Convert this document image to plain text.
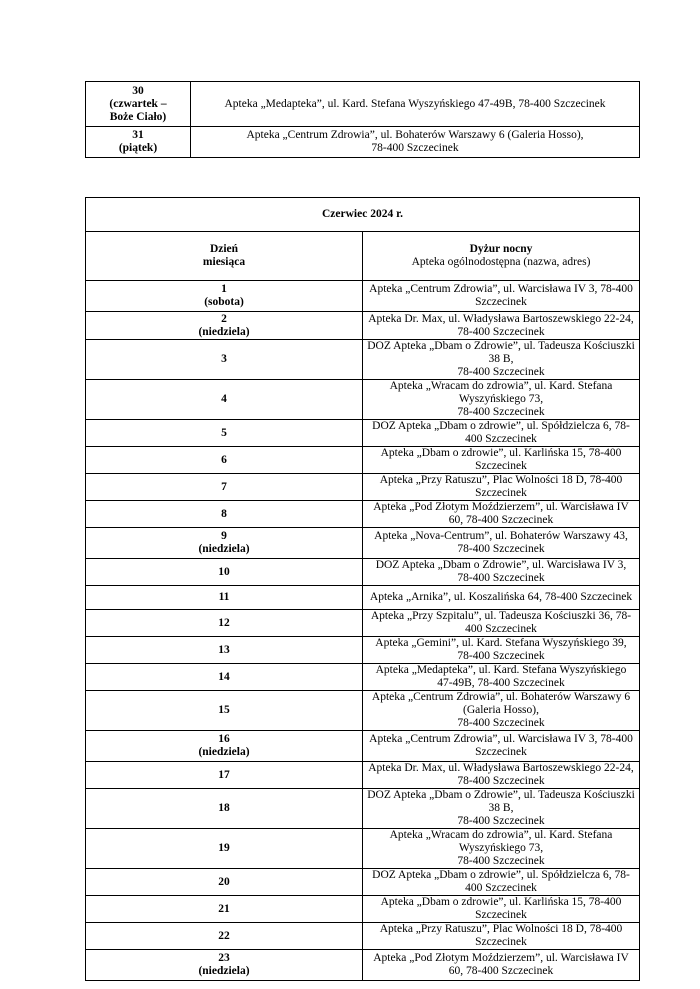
30
(czwartek –
Boże Ciało)	Apteka „Medapteka”, ul. Kard. Stefana Wyszyńskiego 47-49B, 78-400 Szczecinek
31
(piątek)	Apteka „Centrum Zdrowia”, ul. Bohaterów Warszawy 6 (Galeria Hosso),
78-400 Szczecinek
Czerwiec 2024 r.	
Dzień
miesiąca	Dyżur nocny
Apteka ogólnodostępna (nazwa, adres)
1
(sobota)	Apteka „Centrum Zdrowia”, ul. Warcisława IV 3, 78-400 Szczecinek
2
(niedziela)	Apteka Dr. Max, ul. Władysława Bartoszewskiego 22-24, 78-400 Szczecinek
3	DOZ Apteka „Dbam o Zdrowie”, ul. Tadeusza Kościuszki 38 B,
78-400 Szczecinek
4	Apteka „Wracam do zdrowia”, ul. Kard. Stefana Wyszyńskiego 73,
78-400 Szczecinek
5	DOZ Apteka „Dbam o zdrowie”, ul. Spółdzielcza 6, 78-400 Szczecinek
6	Apteka „Dbam o zdrowie”, ul. Karlińska 15, 78-400 Szczecinek
7	Apteka „Przy Ratuszu”, Plac Wolności 18 D, 78-400 Szczecinek
8	Apteka „Pod Złotym Moździerzem”, ul. Warcisława IV 60, 78-400 Szczecinek
9
(niedziela)	Apteka „Nova-Centrum”, ul. Bohaterów Warszawy 43, 78-400 Szczecinek
10	DOZ Apteka „Dbam o Zdrowie”, ul. Warcisława IV 3, 78-400 Szczecinek
11	Apteka „Arnika”, ul. Koszalińska 64, 78-400 Szczecinek
12	Apteka „Przy Szpitalu”, ul. Tadeusza Kościuszki 36, 78-400 Szczecinek
13	Apteka „Gemini”, ul. Kard. Stefana Wyszyńskiego 39, 78-400 Szczecinek
14	Apteka „Medapteka”, ul. Kard. Stefana Wyszyńskiego 47-49B, 78-400 Szczecinek
15	Apteka „Centrum Zdrowia”, ul. Bohaterów Warszawy 6 (Galeria Hosso),
78-400 Szczecinek
16
(niedziela)	Apteka „Centrum Zdrowia”, ul. Warcisława IV 3, 78-400 Szczecinek
17	Apteka Dr. Max, ul. Władysława Bartoszewskiego 22-24, 78-400 Szczecinek
18	DOZ Apteka „Dbam o Zdrowie”, ul. Tadeusza Kościuszki 38 B,
78-400 Szczecinek
19	Apteka „Wracam do zdrowia”, ul. Kard. Stefana Wyszyńskiego 73,
78-400 Szczecinek
20	DOZ Apteka „Dbam o zdrowie”, ul. Spółdzielcza 6, 78-400 Szczecinek
21	Apteka „Dbam o zdrowie”, ul. Karlińska 15, 78-400 Szczecinek
22	Apteka „Przy Ratuszu”, Plac Wolności 18 D, 78-400 Szczecinek
23
(niedziela)	Apteka „Pod Złotym Moździerzem”, ul. Warcisława IV 60, 78-400 Szczecinek
